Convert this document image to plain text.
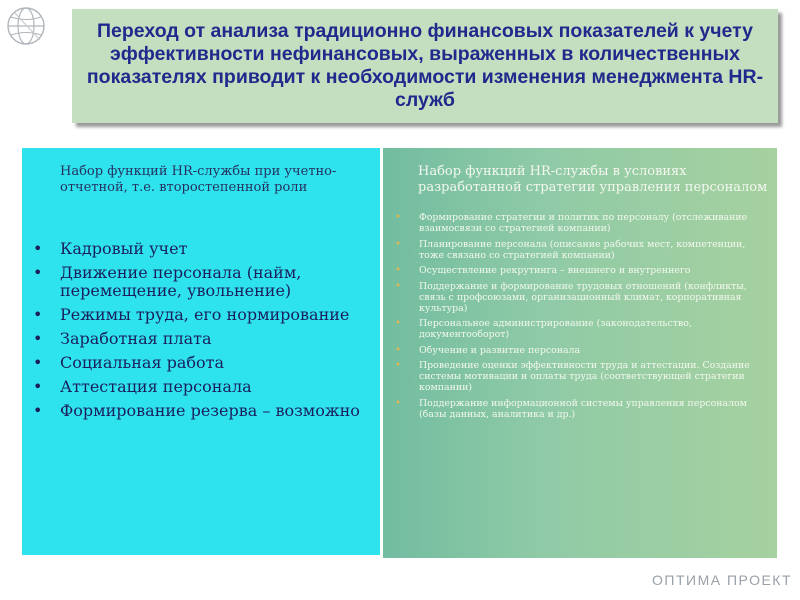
Переход от анализа традиционно финансовых показателей к учету эффективности нефинансовых, выраженных в количественных показателях приводит к необходимости изменения менеджмента HR-служб
Набор функций HR-службы при учетно-отчетной, т.е. второстепенной роли
• Кадровый учет
• Движение персонала (найм, перемещение, увольнение)
• Режимы труда, его нормирование
• Заработная плата
• Социальная работа
• Аттестация персонала
• Формирование резерва – возможно
Набор функций HR-службы в условиях разработанной стратегии управления персоналом
• Формирование стратегии и политик по персоналу (отслеживание взаимосвязи со стратегией компании)
• Планирование персонала (описание рабочих мест, компетенции, тоже связано со стратегией компании)
• Осуществление рекрутинга – внешнего и внутреннего
• Поддержание и формирование трудовых отношений (конфликты, связь с профсоюзами, организационный климат, корпоративная культура)
• Персональное администрирование (законодательство, документооборот)
• Обучение и развитие персонала
• Проведение оценки эффективности труда и аттестации. Создание системы мотивации и оплаты труда (соответствующей стратегии компании)
• Поддержание информационной системы управления персоналом (базы данных, аналитика и др.)
ОПТИМА ПРОЕКТ
